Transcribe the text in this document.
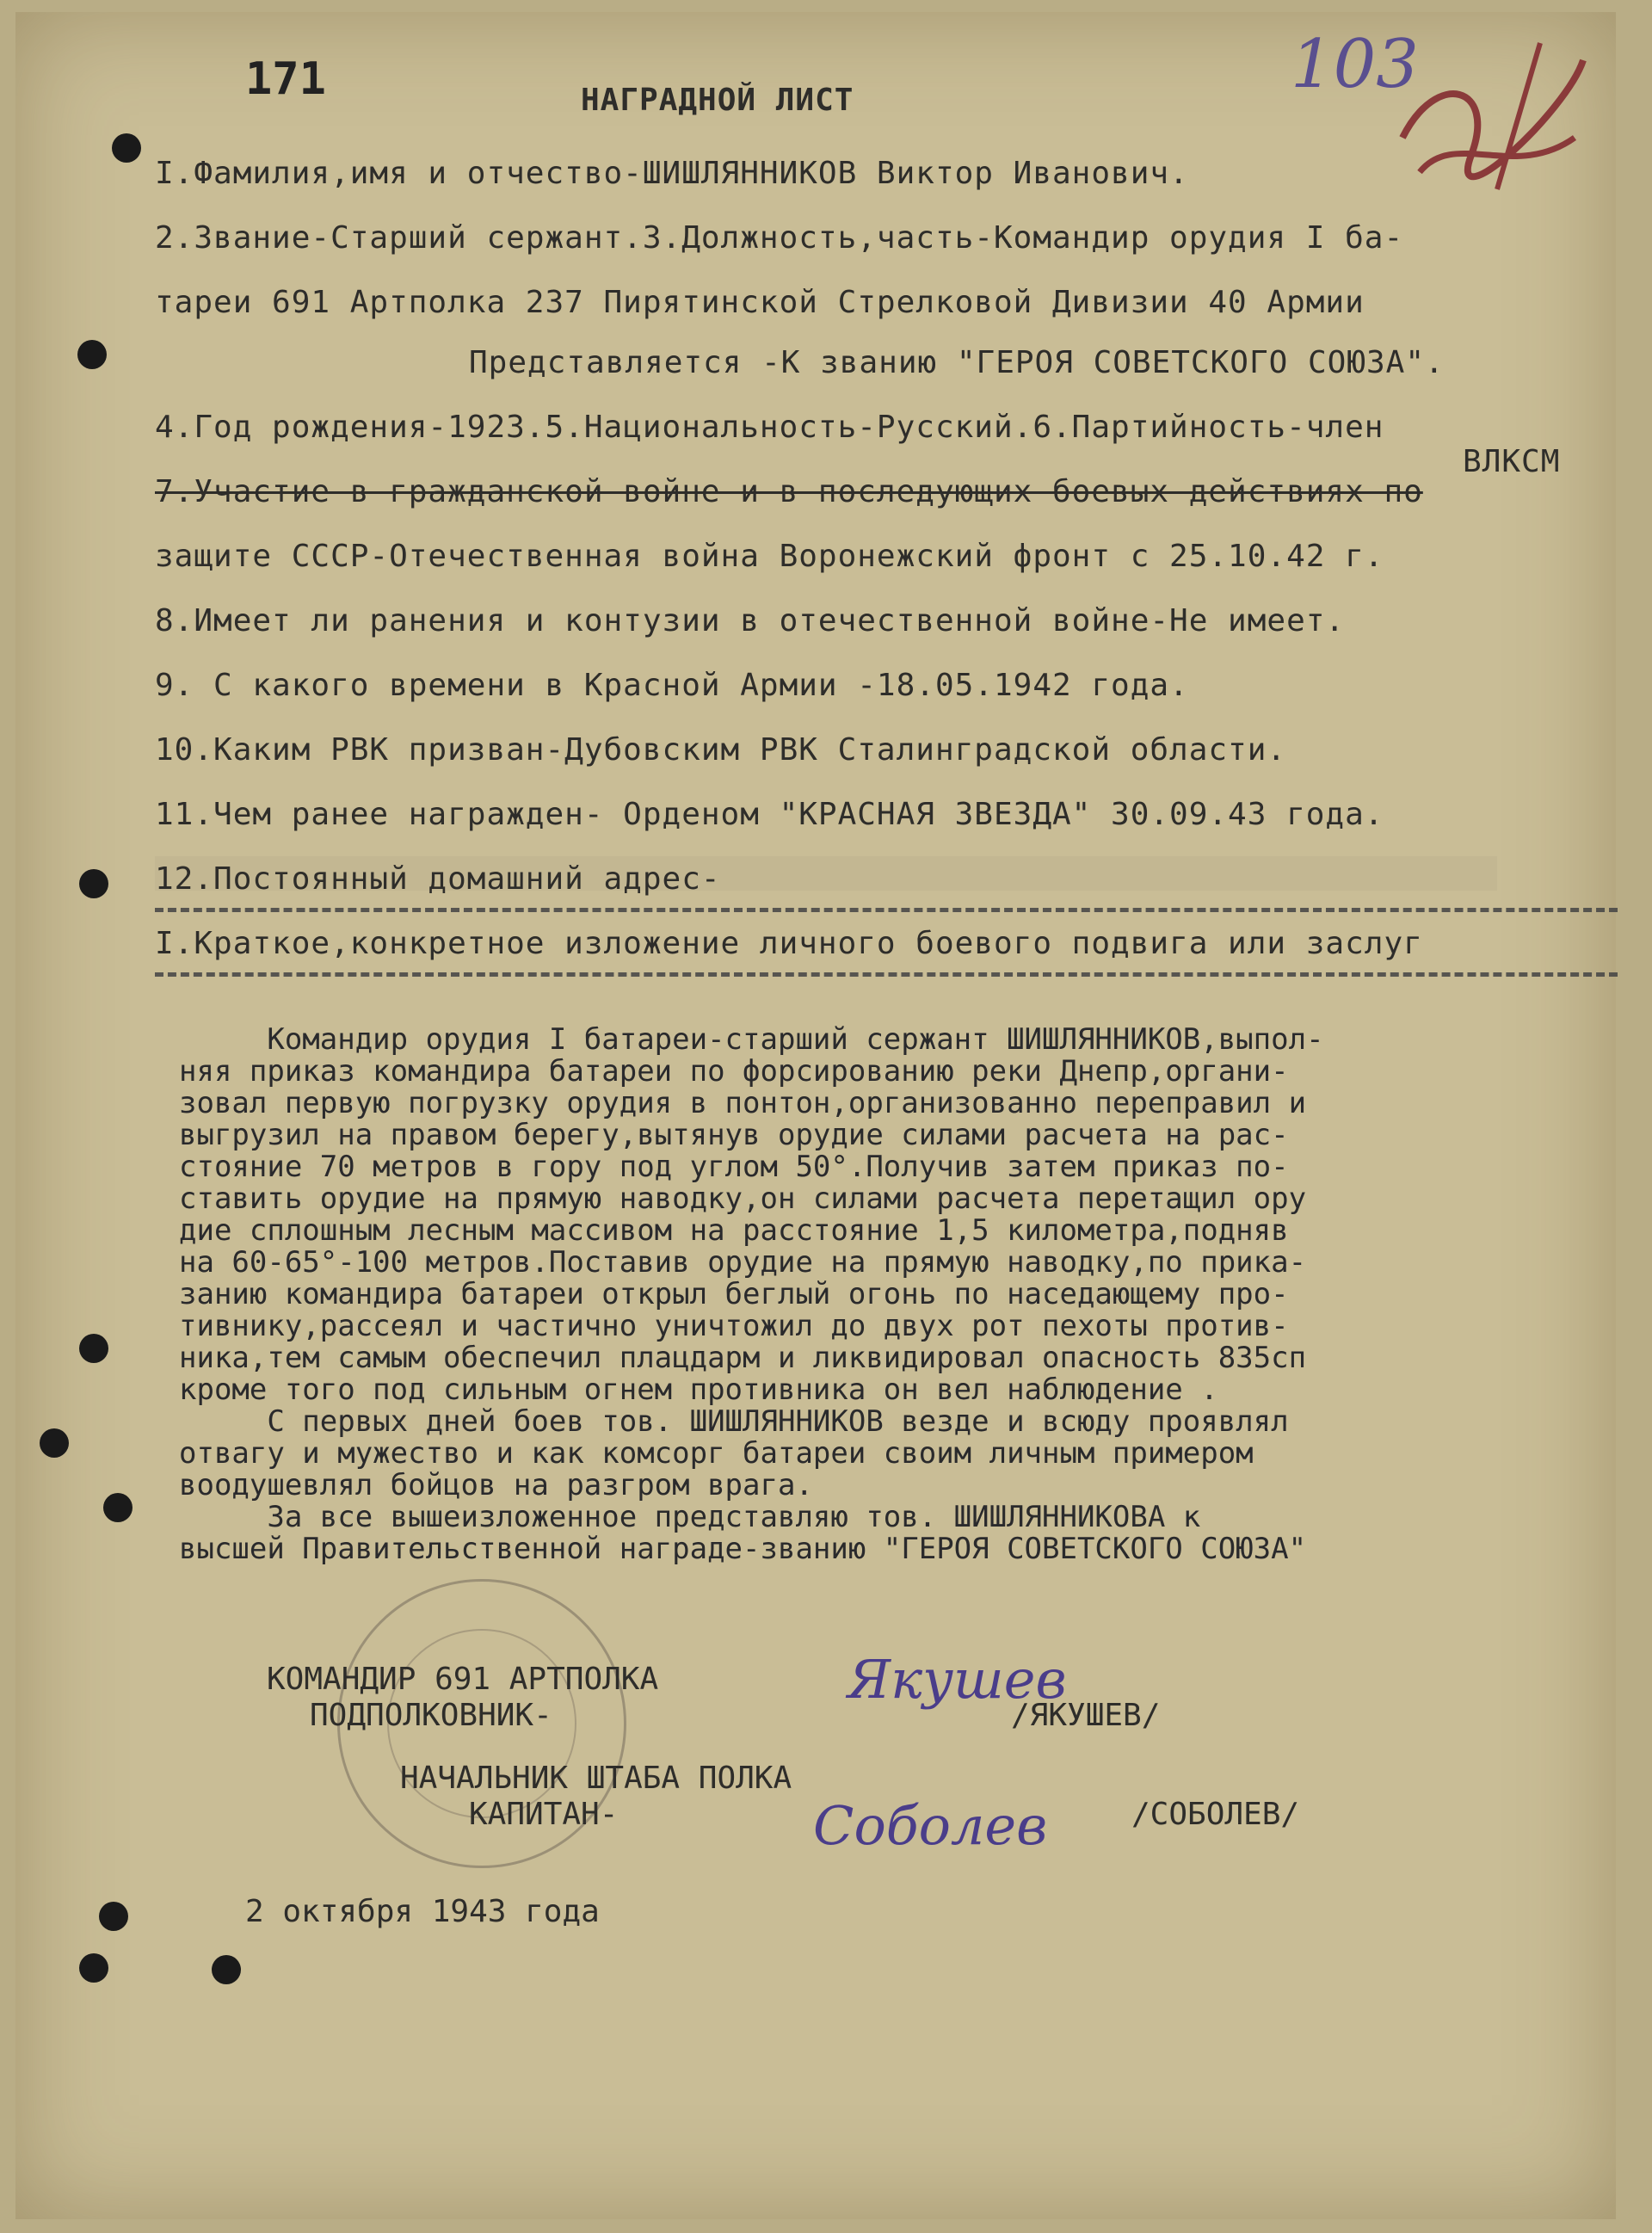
171	НАГРАДНОЙ ЛИСТ	103
I.Фамилия,имя и отчество-ШИШЛЯННИКОВ Виктор Иванович.
2.Звание-Старший сержант.3.Должность,часть-Командир орудия I ба-
тареи 691 Артполка 237 Пирятинской Стрелковой Дивизии 40 Армии
Представляется -К званию "ГЕРОЯ СОВЕТСКОГО СОЮЗА".
4.Год рождения-1923.5.Национальность-Русский.6.Партийность-член
ВЛКСМ
7.Участие в гражданской войне и в последующих боевых действиях по
защите СССР-Отечественная война Воронежский фронт с 25.10.42 г.
8.Имеет ли ранения и контузии в отечественной войне-Не имеет.
9. С какого времени в Красной Армии -18.05.1942 года.
10.Каким РВК призван-Дубовским РВК Сталинградской области.
11.Чем ранее награжден- Орденом "КРАСНАЯ ЗВЕЗДА" 30.09.43 года.
12.Постоянный домашний адрес-
I.Краткое,конкретное изложение личного боевого подвига или заслуг
Командир орудия I батареи-старший сержант ШИШЛЯННИКОВ,выпол-
няя приказ командира батареи по форсированию реки Днепр,органи-
зовал первую погрузку орудия в понтон,организованно переправил и
выгрузил на правом берегу,вытянув орудие силами расчета на рас-
стояние 70 метров в гору под углом 50°.Получив затем приказ по-
ставить орудие на прямую наводку,он силами расчета перетащил ору
дие сплошным лесным массивом на расстояние 1,5 километра,подняв
на 60-65°-100 метров.Поставив орудие на прямую наводку,по прика-
занию командира батареи открыл беглый огонь по наседающему про-
тивнику,рассеял и частично уничтожил до двух рот пехоты против-
ника,тем самым обеспечил плацдарм и ликвидировал опасность 835сп
кроме того под сильным огнем противника он вел наблюдение .
С первых дней боев тов. ШИШЛЯННИКОВ везде и всюду проявлял
отвагу и мужество и как комсорг батареи своим личным примером
воодушевлял бойцов на разгром врага.
За все вышеизложенное представляю тов. ШИШЛЯННИКОВА к
высшей Правительственной награде-званию "ГЕРОЯ СОВЕТСКОГО СОЮЗА"
КОМАНДИР 691 АРТПОЛКА
ПОДПОЛКОВНИК-
Якушев
/ЯКУШЕВ/
НАЧАЛЬНИК ШТАБА ПОЛКА
КАПИТАН-	Соболев	/СОБОЛЕВ/
2 октября 1943 года
